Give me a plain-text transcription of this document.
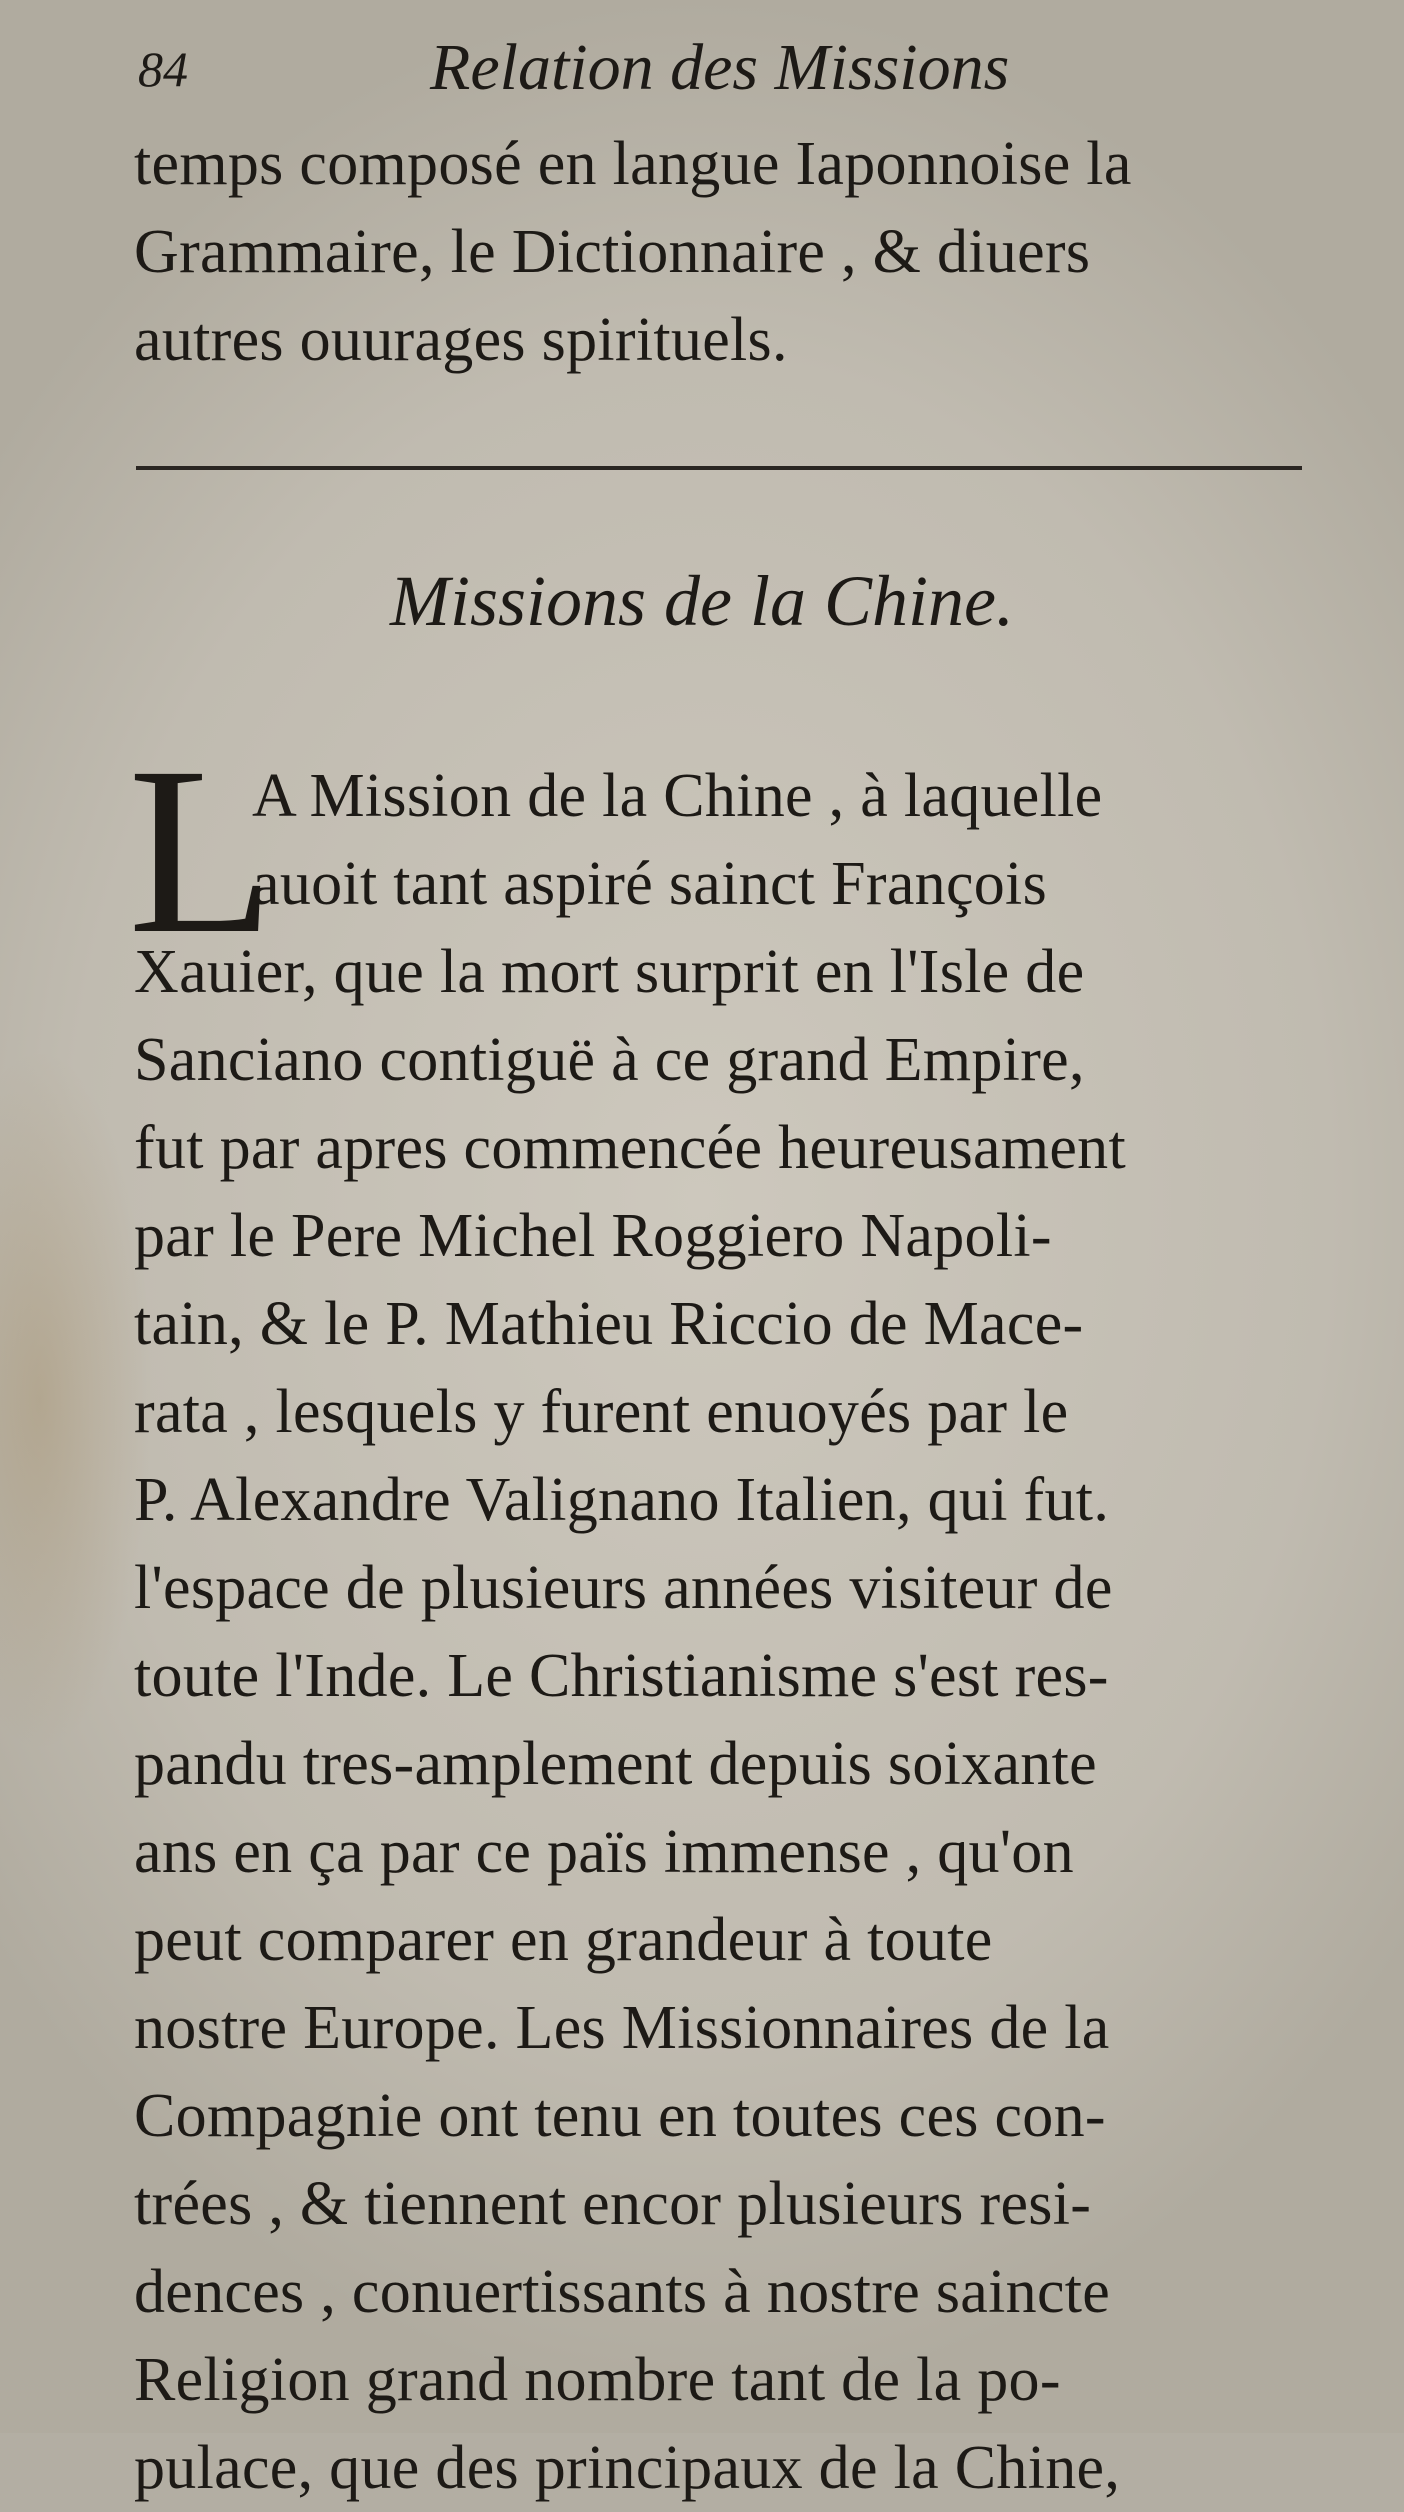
84	Relation des Missions
temps composé en langue Iaponnoise la
Grammaire, le Dictionnaire , & diuers
autres ouurages spirituels.
Missions de la Chine.
L
A Mission de la Chine , à laquelle
auoit tant aspiré sainct François
Xauier, que la mort surprit en l'Isle de
Sanciano contiguë à ce grand Empire,
fut par apres commencée heureusament
par le Pere Michel Roggiero Napoli-
tain, & le P. Mathieu Riccio de Mace-
rata , lesquels y furent enuoyés par le
P. Alexandre Valignano Italien, qui fut.
l'espace de plusieurs années visiteur de
toute l'Inde. Le Christianisme s'est res-
pandu tres-amplement depuis soixante
ans en ça par ce païs immense , qu'on
peut comparer en grandeur à toute
nostre Europe. Les Missionnaires de la
Compagnie ont tenu en toutes ces con-
trées , & tiennent encor plusieurs resi-
dences , conuertissants à nostre saincte
Religion grand nombre tant de la po-
pulace, que des principaux de la Chine,
